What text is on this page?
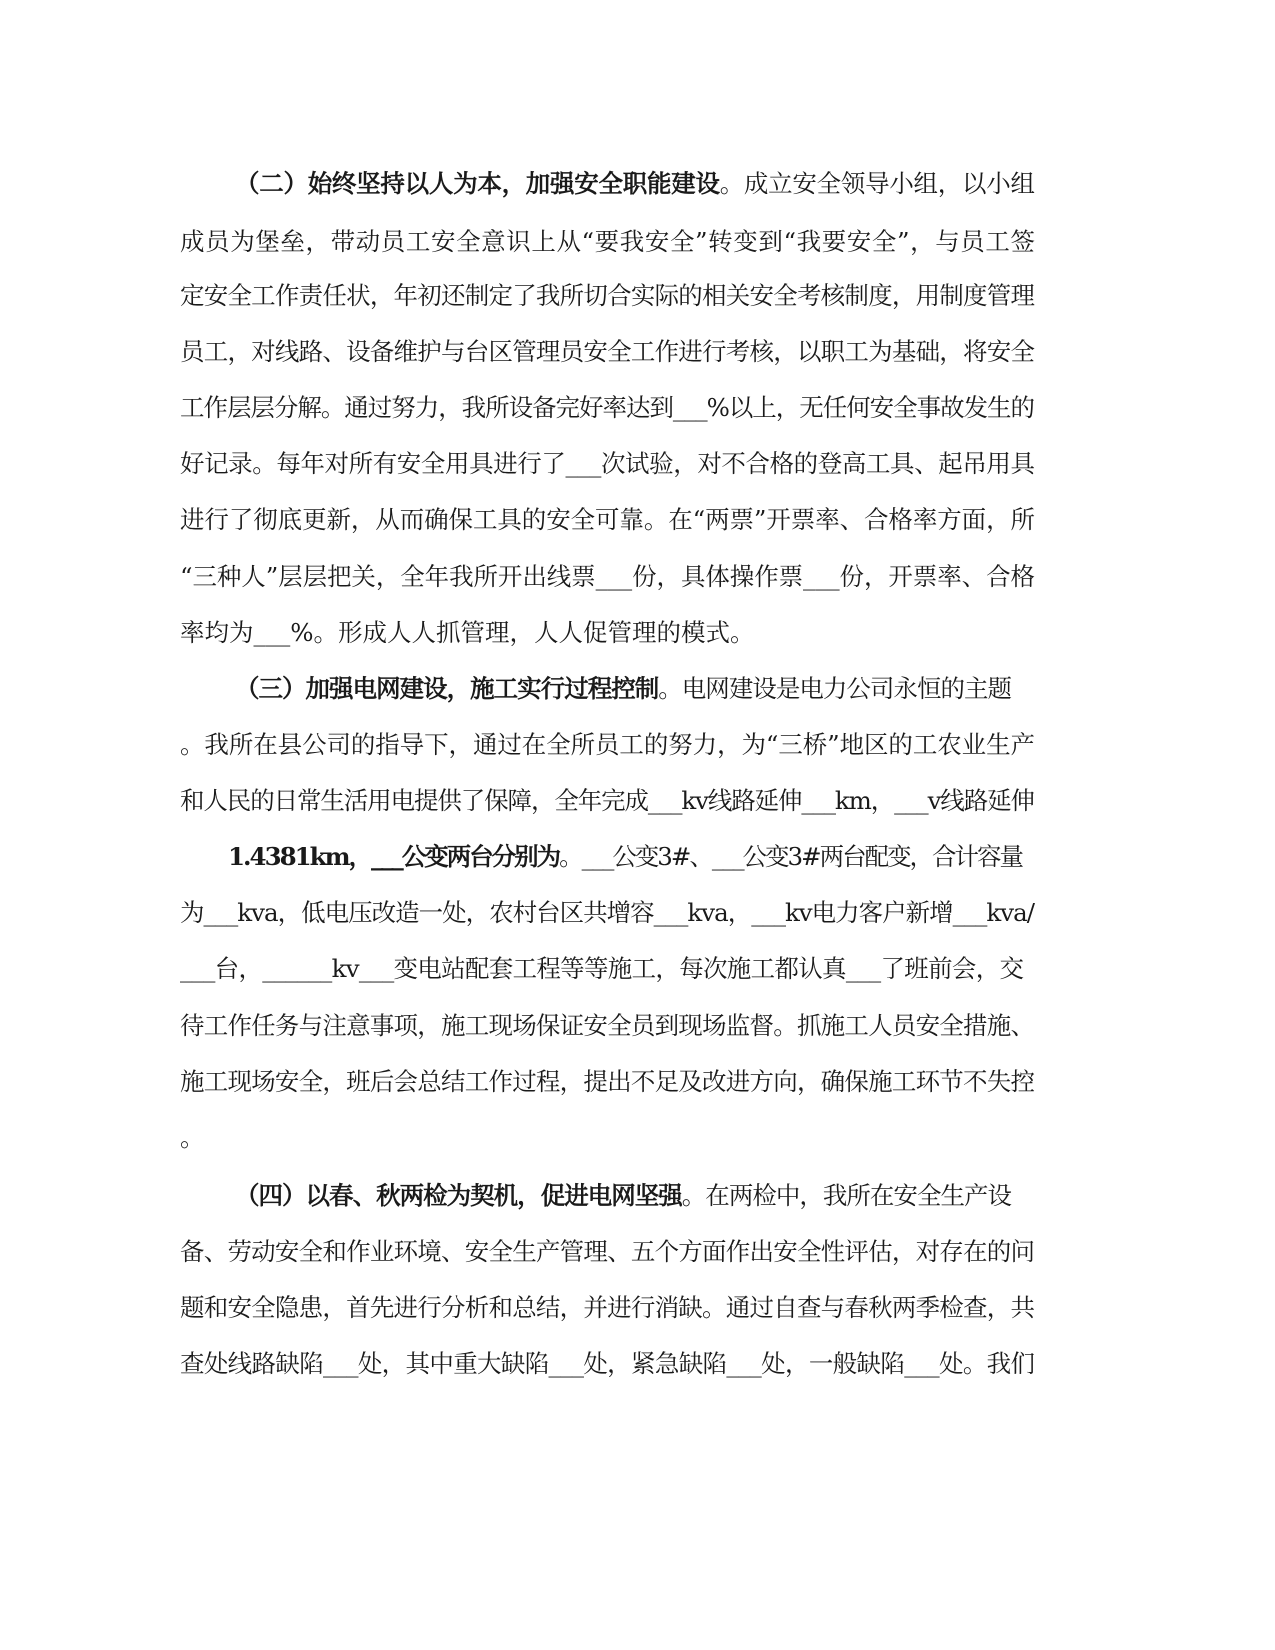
（二）始终坚持以人为本，加强安全职能建设。成立安全领导小组，以小组
成员为堡垒，带动员工安全意识上从“要我安全”转变到“我要安全”，与员工签
定安全工作责任状，年初还制定了我所切合实际的相关安全考核制度，用制度管理
员工，对线路、设备维护与台区管理员安全工作进行考核，以职工为基础，将安全
工作层层分解。通过努力，我所设备完好率达到___%以上，无任何安全事故发生的
好记录。每年对所有安全用具进行了___次试验，对不合格的登高工具、起吊用具
进行了彻底更新，从而确保工具的安全可靠。在“两票”开票率、合格率方面，所
“三种人”层层把关，全年我所开出线票___份，具体操作票___份，开票率、合格
率均为___%。形成人人抓管理，人人促管理的模式。
（三）加强电网建设，施工实行过程控制。电网建设是电力公司永恒的主题
。我所在县公司的指导下，通过在全所员工的努力，为“三桥”地区的工农业生产
和人民的日常生活用电提供了保障，全年完成___kv线路延伸___km，___v线路延伸
1.4381km，___公变两台分别为。___公变3#、___公变3#两台配变，合计容量
为___kva，低电压改造一处，农村台区共增容___kva，___kv电力客户新增___kva/
___台，______kv___变电站配套工程等等施工，每次施工都认真___了班前会，交
待工作任务与注意事项，施工现场保证安全员到现场监督。抓施工人员安全措施、
施工现场安全，班后会总结工作过程，提出不足及改进方向，确保施工环节不失控
。
（四）以春、秋两检为契机，促进电网坚强。在两检中，我所在安全生产设
备、劳动安全和作业环境、安全生产管理、五个方面作出安全性评估，对存在的问
题和安全隐患，首先进行分析和总结，并进行消缺。通过自查与春秋两季检查，共
查处线路缺陷___处，其中重大缺陷___处，紧急缺陷___处，一般缺陷___处。我们
